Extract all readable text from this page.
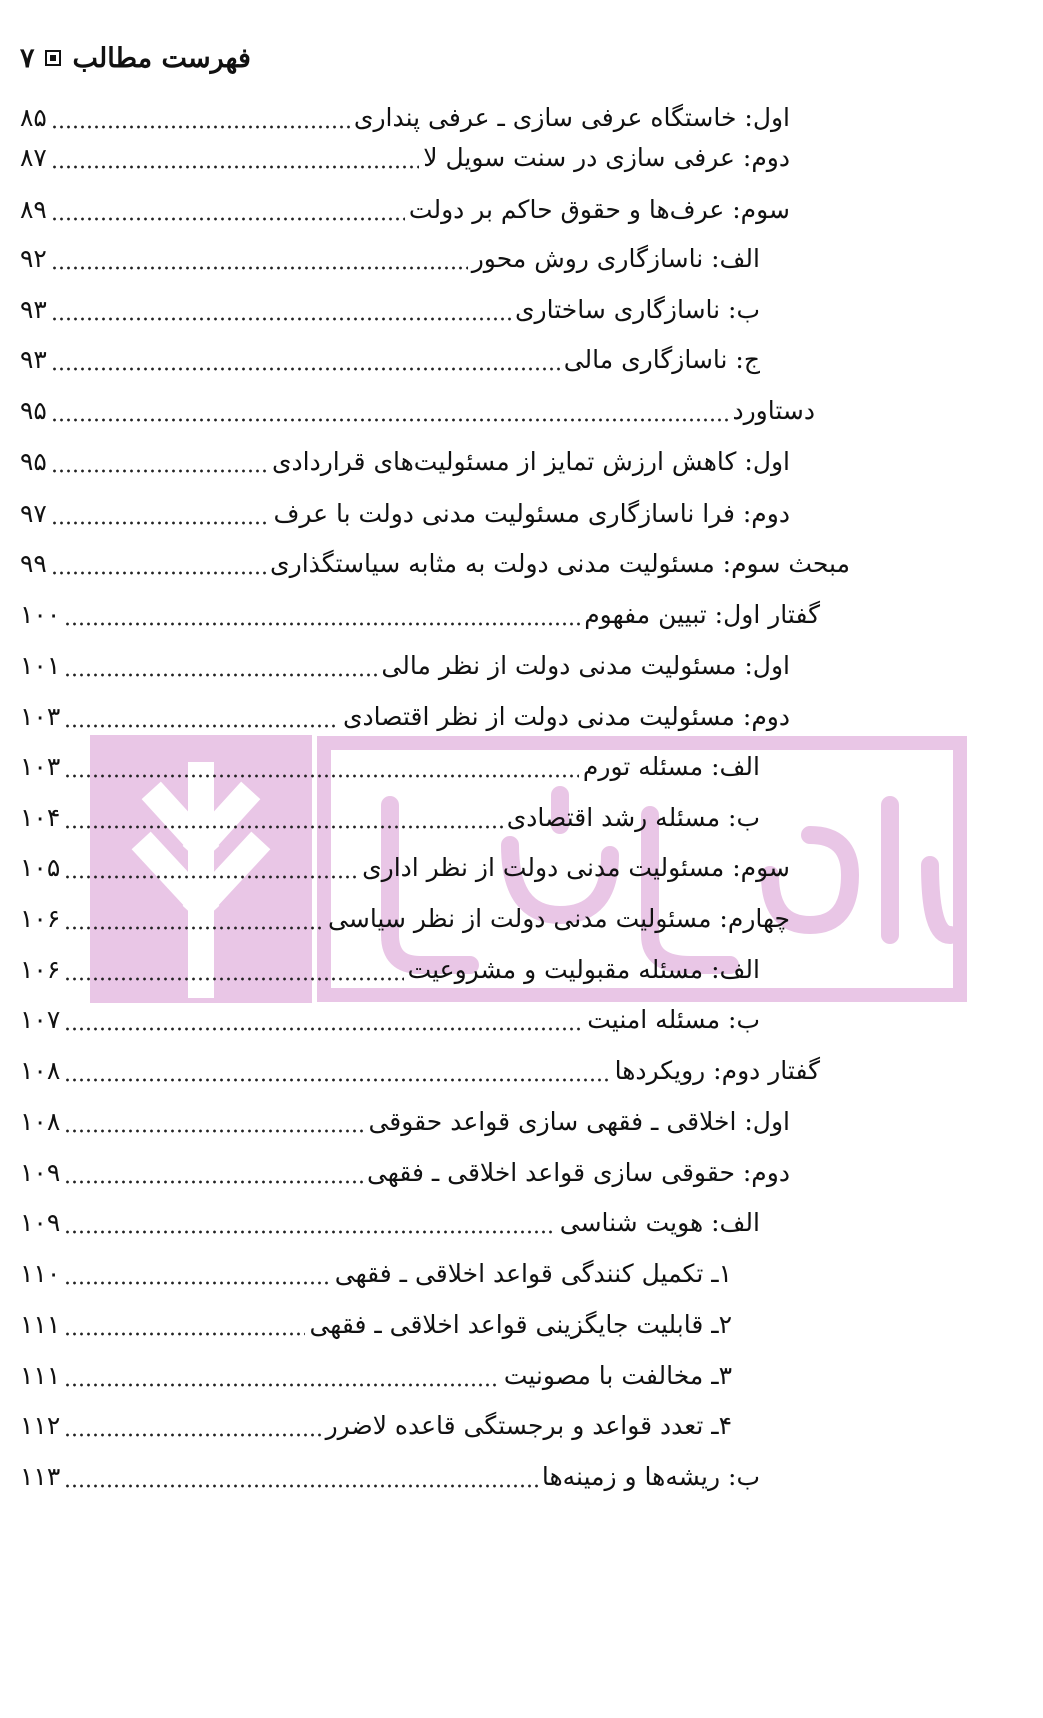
۷ فهرست مطالب
۸۵	اول: خاستگاه عرفی سازی ـ عرفی پنداری
۸۷	دوم: عرفی سازی در سنت سویل لا
۸۹	سوم: عرف‌ها و حقوق حاکم بر دولت
۹۲	الف: ناسازگاری روش محور
۹۳	ب: ناسازگاری ساختاری
۹۳	ج: ناسازگاری مالی
۹۵	دستاورد
۹۵	اول: کاهش ارزش تمایز از مسئولیت‌های قراردادی
۹۷	دوم: فرا ناسازگاری مسئولیت مدنی دولت با عرف
۹۹	مبحث سوم: مسئولیت مدنی دولت به مثابه سیاستگذاری
۱۰۰	گفتار اول: تبیین مفهوم
۱۰۱	اول: مسئولیت مدنی دولت از نظر مالی
۱۰۳	دوم: مسئولیت مدنی دولت از نظر اقتصادی
۱۰۳	الف: مسئله تورم
۱۰۴	ب: مسئله رشد اقتصادی
۱۰۵	سوم: مسئولیت مدنی دولت از نظر اداری
۱۰۶	چهارم: مسئولیت مدنی دولت از نظر سیاسی
۱۰۶	الف: مسئله مقبولیت و مشروعیت
۱۰۷	ب: مسئله امنیت
۱۰۸	گفتار دوم: رویکردها
۱۰۸	اول: اخلاقی ـ فقهی سازی قواعد حقوقی
۱۰۹	دوم: حقوقی سازی قواعد اخلاقی ـ فقهی
۱۰۹	الف: هویت شناسی
۱۱۰	۱ـ تکمیل کنندگی قواعد اخلاقی ـ فقهی
۱۱۱	۲ـ قابلیت جایگزینی قواعد اخلاقی ـ فقهی
۱۱۱	۳ـ مخالفت با مصونیت
۱۱۲	۴ـ تعدد قواعد و برجستگی قاعده لاضرر
۱۱۳	ب: ریشه‌ها و زمینه‌ها
